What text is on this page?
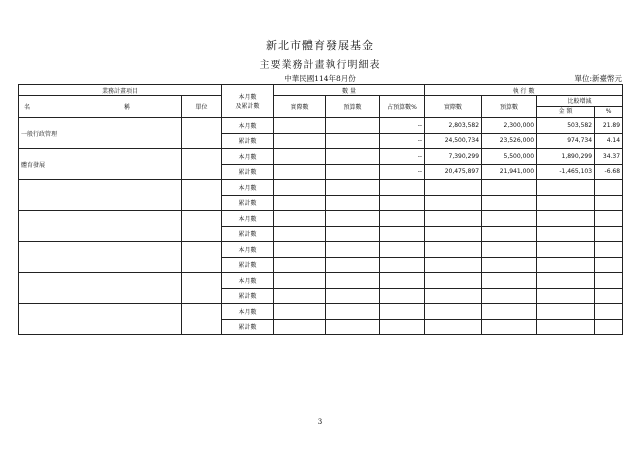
新北市體育發展基金
主要業務計畫執行明細表
中華民國114年8月份	單位:新臺幣元
業務計畫項目		本月數
及累計數	數 量			執 行 數			
名 稱	單位		實際數	預算數	占預算數%	實際數	預算數	比較增減
金 額 %	

一般行政管理		本月數			--	2,803,582	2,300,000	503,582	21.89
		累計數			--	24,500,734	23,526,000	974,734	4.14
體育發展		本月數			--	7,390,299	5,500,000	1,890,299	34.37
		累計數			--	20,475,897	21,941,000	-1,465,103	-6.68
		本月數							
		累計數							
		本月數							
		累計數							
		本月數							
		累計數							
		本月數							
		累計數							
		本月數							
		累計數							
3
